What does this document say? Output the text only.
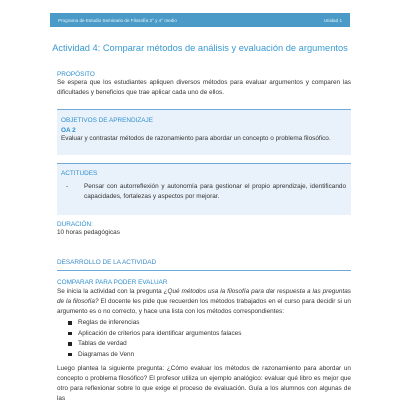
Programa de Estudio Seminario de Filosofía 3° y 4° medio	Unidad 1
Actividad 4: Comparar métodos de análisis y evaluación de argumentos
PROPÓSITO
Se espera que los estudiantes apliquen diversos métodos para evaluar argumentos y comparen las dificultades y beneficios que trae aplicar cada uno de ellos.
OBJETIVOS DE APRENDIZAJE
OA 2
Evaluar y contrastar métodos de razonamiento para abordar un concepto o problema filosófico.
ACTITUDES
- Pensar con autorreflexión y autonomía para gestionar el propio aprendizaje, identificando capacidades, fortalezas y aspectos por mejorar.
DURACIÓN:
10 horas pedagógicas
DESARROLLO DE LA ACTIVIDAD
COMPARAR PARA PODER EVALUAR
Se inicia la actividad con la pregunta ¿Qué métodos usa la filosofía para dar respuesta a las preguntas de la filosofía? El docente les pide que recuerden los métodos trabajados en el curso para decidir si un argumento es o no correcto, y hace una lista con los métodos correspondientes:
Reglas de inferencias
Aplicación de criterios para identificar argumentos falaces
Tablas de verdad
Diagramas de Venn
Luego plantea la siguiente pregunta: ¿Cómo evaluar los métodos de razonamiento para abordar un concepto o problema filosófico? El profesor utiliza un ejemplo analógico: evaluar qué libro es mejor que otro para reflexionar sobre lo que exige el proceso de evaluación. Guía a los alumnos con algunas de las
